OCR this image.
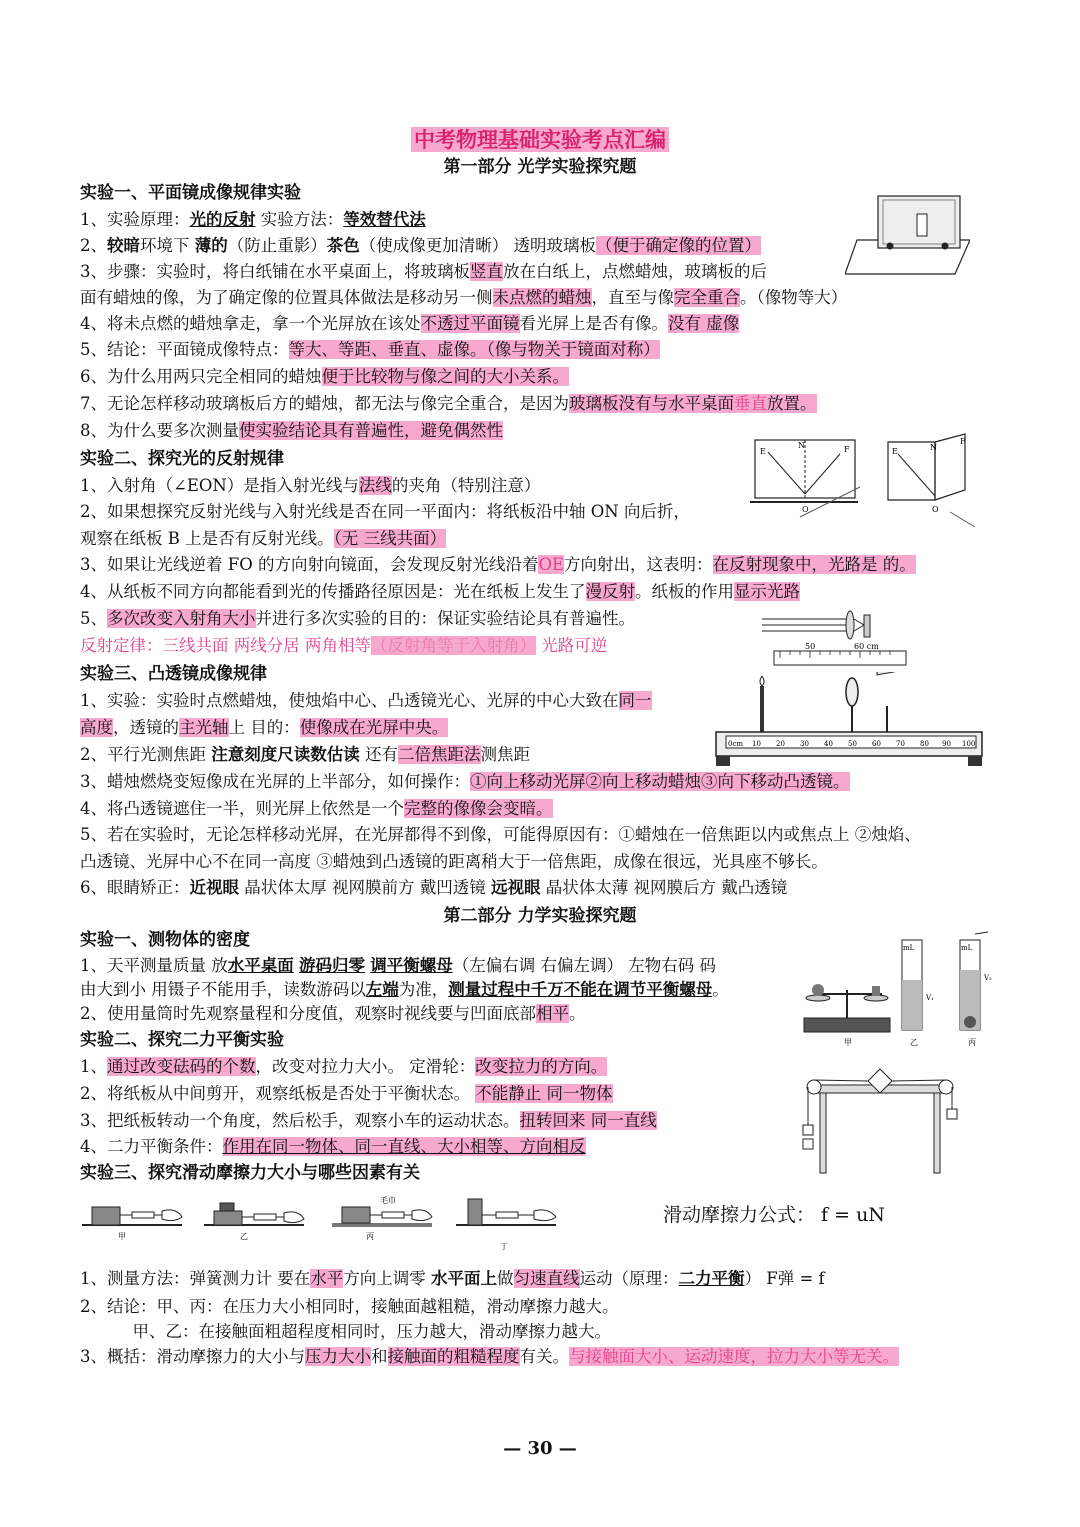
中考物理基础实验考点汇编
第一部分 光学实验探究题
实验一、平面镜成像规律实验
1、实验原理：光的反射 实验方法：等效替代法
2、较暗环境下 薄的（防止重影）茶色（使成像更加清晰） 透明玻璃板（便于确定像的位置）
3、步骤：实验时，将白纸铺在水平桌面上，将玻璃板竖直放在白纸上，点燃蜡烛，玻璃板的后
面有蜡烛的像，为了确定像的位置具体做法是移动另一侧未点燃的蜡烛，直至与像完全重合。（像物等大）
4、将未点燃的蜡烛拿走，拿一个光屏放在该处不透过平面镜看光屏上是否有像。没有 虚像
5、结论：平面镜成像特点：等大、等距、垂直、虚像。（像与物关于镜面对称）
6、为什么用两只完全相同的蜡烛便于比较物与像之间的大小关系。
7、无论怎样移动玻璃板后方的蜡烛，都无法与像完全重合，是因为玻璃板没有与水平桌面垂直放置。
8、为什么要多次测量使实验结论具有普遍性，避免偶然性
实验二、探究光的反射规律
1、入射角（∠EON）是指入射光线与法线的夹角（特别注意）
2、如果想探究反射光线与入射光线是否在同一平面内：将纸板沿中轴 ON 向后折，
观察在纸板 B 上是否有反射光线。（无 三线共面）
3、如果让光线逆着 FO 的方向射向镜面，会发现反射光线沿着OE方向射出，这表明：在反射现象中，光路是 的。
4、从纸板不同方向都能看到光的传播路径原因是：光在纸板上发生了漫反射。纸板的作用显示光路
5、多次改变入射角大小并进行多次实验的目的：保证实验结论具有普遍性。
反射定律：三线共面 两线分居 两角相等（反射角等于入射角） 光路可逆
实验三、凸透镜成像规律
1、实验：实验时点燃蜡烛，使烛焰中心、凸透镜光心、光屏的中心大致在同一
高度，透镜的主光轴上 目的：使像成在光屏中央。
2、平行光测焦距 注意刻度尺读数估读 还有二倍焦距法测焦距
3、蜡烛燃烧变短像成在光屏的上半部分，如何操作：①向上移动光屏②向上移动蜡烛③向下移动凸透镜。
4、将凸透镜遮住一半，则光屏上依然是一个完整的像像会变暗。
5、若在实验时，无论怎样移动光屏，在光屏都得不到像，可能得原因有：①蜡烛在一倍焦距以内或焦点上 ②烛焰、
凸透镜、光屏中心不在同一高度 ③蜡烛到凸透镜的距离稍大于一倍焦距，成像在很远，光具座不够长。
6、眼睛矫正：近视眼 晶状体太厚 视网膜前方 戴凹透镜 远视眼 晶状体太薄 视网膜后方 戴凸透镜
第二部分 力学实验探究题
实验一、测物体的密度
1、天平测量质量 放水平桌面 游码归零 调平衡螺母（左偏右调 右偏左调） 左物右码 码
由大到小 用镊子不能用手，读数游码以左端为准，测量过程中千万不能在调节平衡螺母。
2、使用量筒时先观察量程和分度值，观察时视线要与凹面底部相平。
实验二、探究二力平衡实验
1、通过改变砝码的个数，改变对拉力大小。 定滑轮：改变拉力的方向。
2、将纸板从中间剪开，观察纸板是否处于平衡状态。 不能静止 同一物体
3、把纸板转动一个角度，然后松手，观察小车的运动状态。扭转回来 同一直线
4、二力平衡条件：作用在同一物体、同一直线、大小相等、方向相反
实验三、探究滑动摩擦力大小与哪些因素有关
滑动摩擦力公式： f = uN
1、测量方法：弹簧测力计 要在水平方向上调零 水平面上做匀速直线运动（原理：二力平衡） F弹 = f
2、结论：甲、丙：在压力大小相同时，接触面越粗糙，滑动摩擦力越大。
甲、乙：在接触面粗超程度相同时，压力越大，滑动摩擦力越大。
3、概括：滑动摩擦力的大小与压力大小和接触面的粗糙程度有关。与接触面大小、运动速度，拉力大小等无关。
E
N	F
O
E	N
F
O
50	60 cm
0cm 10 20 30 40 50 60 70 80 90 100
甲
mL
V₁
乙
mL
V₂
丙
甲	乙
毛巾
丙
丁
— 30 —
